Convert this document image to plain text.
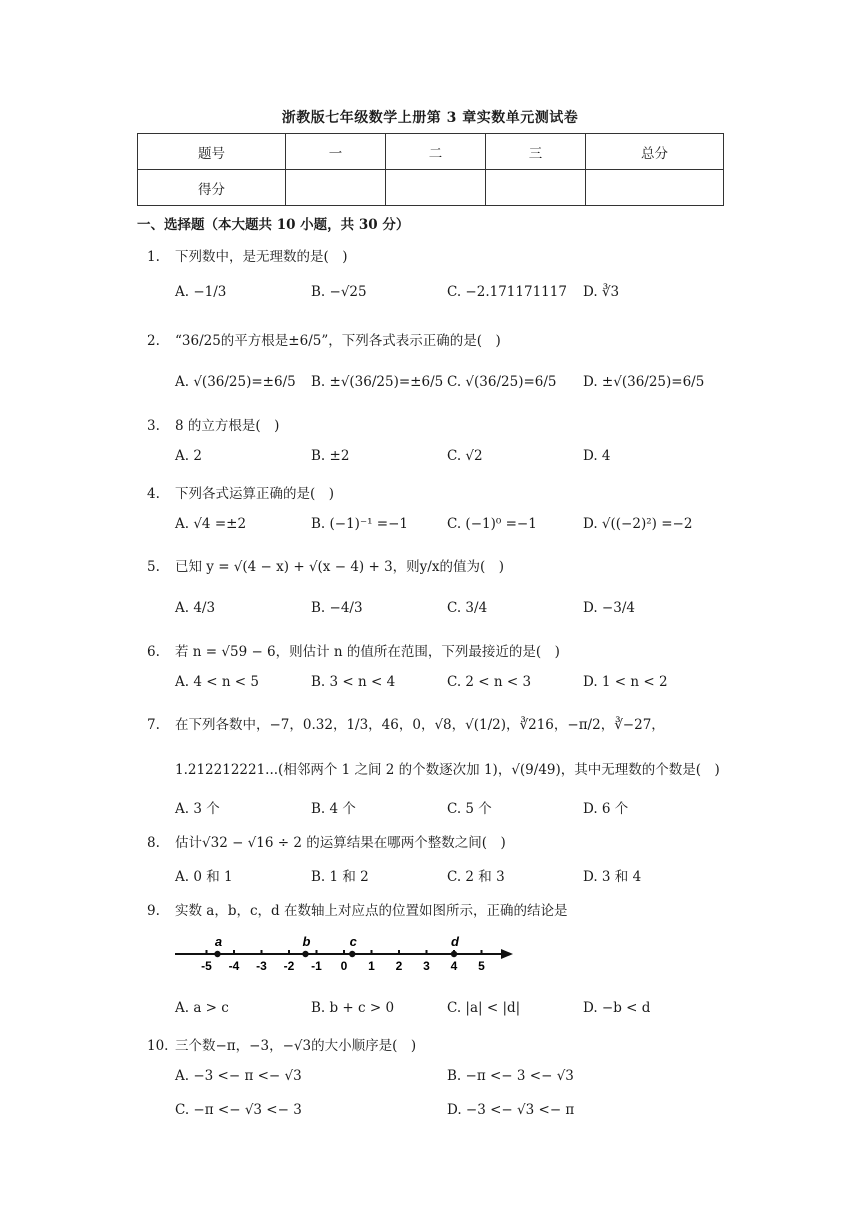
浙教版七年级数学上册第 3 章实数单元测试卷
题号	一	二	三	总分
得分				
一、选择题（本大题共 10 小题，共 30 分）
1. 下列数中，是无理数的是(　)
A. −1/3	B. −√25	C. −2.171171117 D. ∛3
2. “36/25的平方根是±6/5”，下列各式表示正确的是(　)
A. √(36/25)=±6/5 B. ±√(36/25)=±6/5 C. √(36/25)=6/5 D. ±√(36/25)=6/5
3. 8 的立方根是(　)
A. 2	B. ±2	C. √2	D. 4
4. 下列各式运算正确的是(　)
A. √4 =±2	B. (−1)⁻¹ =−1	C. (−1)⁰ =−1	D. √((−2)²) =−2
5. 已知 y = √(4 − x) + √(x − 4) + 3，则y/x的值为(　)
A. 4/3	B. −4/3	C. 3/4	D. −3/4
6. 若 n = √59 − 6，则估计 n 的值所在范围，下列最接近的是(　)
A. 4 < n < 5	B. 3 < n < 4	C. 2 < n < 3	D. 1 < n < 2
7. 在下列各数中，−7，0.32，1/3，46，0，√8，√(1/2)，∛216，−π/2，∛−27，
1.212212221...(相邻两个 1 之间 2 的个数逐次加 1)，√(9/49)，其中无理数的个数是(　)
A. 3 个	B. 4 个	C. 5 个	D. 6 个
8. 估计√32 − √16 ÷ 2 的运算结果在哪两个整数之间(　)
A. 0 和 1	B. 1 和 2	C. 2 和 3	D. 3 和 4
9. 实数 a，b，c，d 在数轴上对应点的位置如图所示，正确的结论是
-5 -4 -3 -2 -1 0 1 2 3 4 5
a	b	c	d
A. a > c	B. b + c > 0	C. |a| < |d|	D. −b < d
10. 三个数−π，−3，−√3的大小顺序是(　)
A. −3 <− π <− √3	B. −π <− 3 <− √3
C. −π <− √3 <− 3	D. −3 <− √3 <− π
